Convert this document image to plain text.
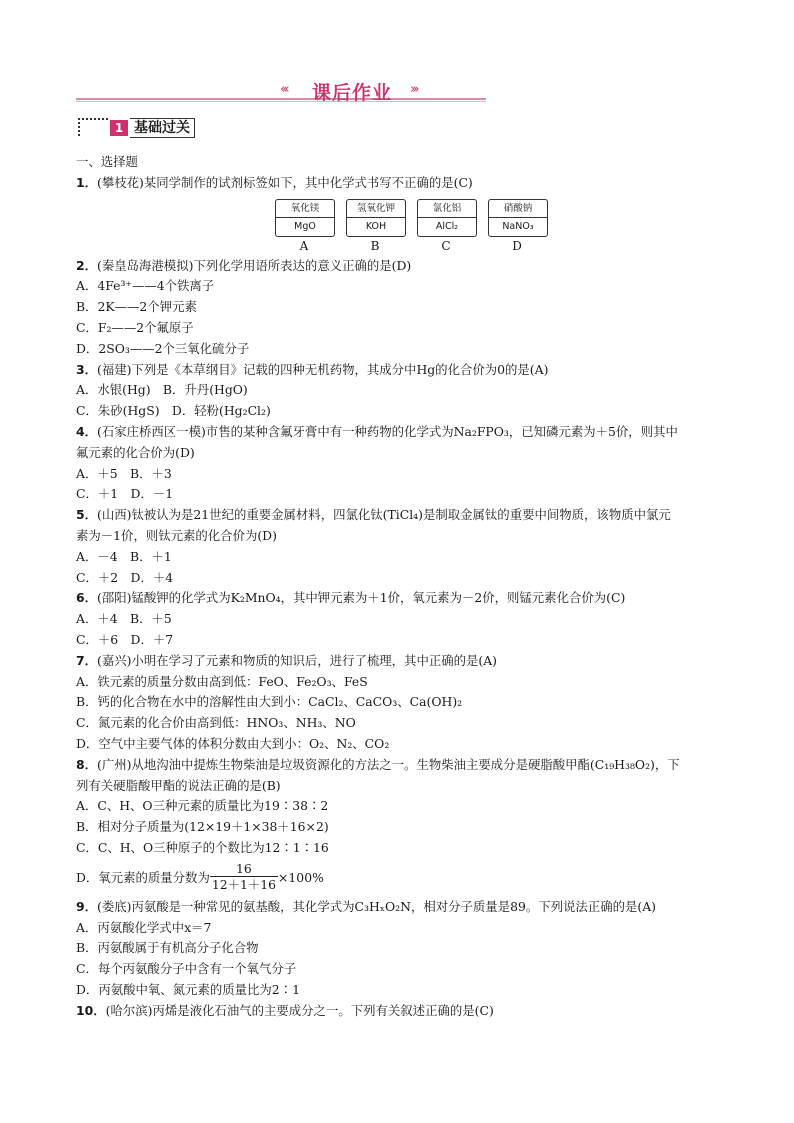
‹‹‹ 课后作业 ›››
1 基础过关
一、选择题
1．(攀枝花)某同学制作的试剂标签如下，其中化学式书写不正确的是(C)
2．(秦皇岛海港模拟)下列化学用语所表达的意义正确的是(D)
A．4Fe³⁺——4个铁离子
B．2K——2个钾元素
C．F₂——2个氟原子
D．2SO₃——2个三氧化硫分子
3．(福建)下列是《本草纲目》记载的四种无机药物，其成分中Hg的化合价为0的是(A)
A．水银(Hg)　B．升丹(HgO)
C．朱砂(HgS)　D．轻粉(Hg₂Cl₂)
4．(石家庄桥西区一模)市售的某种含氟牙膏中有一种药物的化学式为Na₂FPO₃，已知磷元素为＋5价，则其中
氟元素的化合价为(D)
A．＋5　B．＋3
C．＋1　D．－1
5．(山西)钛被认为是21世纪的重要金属材料，四氯化钛(TiCl₄)是制取金属钛的重要中间物质，该物质中氯元
素为－1价，则钛元素的化合价为(D)
A．－4　B．＋1
C．＋2　D．＋4
6．(邵阳)锰酸钾的化学式为K₂MnO₄，其中钾元素为＋1价，氧元素为－2价，则锰元素化合价为(C)
A．＋4　B．＋5
C．＋6　D．＋7
7．(嘉兴)小明在学习了元素和物质的知识后，进行了梳理，其中正确的是(A)
A．铁元素的质量分数由高到低：FeO、Fe₂O₃、FeS
B．钙的化合物在水中的溶解性由大到小：CaCl₂、CaCO₃、Ca(OH)₂
C．氮元素的化合价由高到低：HNO₃、NH₃、NO
D．空气中主要气体的体积分数由大到小：O₂、N₂、CO₂
8．(广州)从地沟油中提炼生物柴油是垃圾资源化的方法之一。生物柴油主要成分是硬脂酸甲酯(C₁₉H₃₈O₂)，下
列有关硬脂酸甲酯的说法正确的是(B)
A．C、H、O三种元素的质量比为19∶38∶2
B．相对分子质量为(12×19＋1×38＋16×2)
C．C、H、O三种原子的个数比为12∶1∶16
D．氧元素的质量分数为 $\frac{16}{12+1+16} \times 100\%$
9．(娄底)丙氨酸是一种常见的氨基酸，其化学式为C₃HₓO₂N，相对分子质量是89。下列说法正确的是(A)
A．丙氨酸化学式中x＝7
B．丙氨酸属于有机高分子化合物
C．每个丙氨酸分子中含有一个氧气分子
D．丙氨酸中氧、氮元素的质量比为2∶1
10．(哈尔滨)丙烯是液化石油气的主要成分之一。下列有关叙述正确的是(C)
氧化镁
MgO
A
氢氧化钾
KOH
B
氯化铝
AlCl₂
C
硝酸钠
NaNO₃
D
